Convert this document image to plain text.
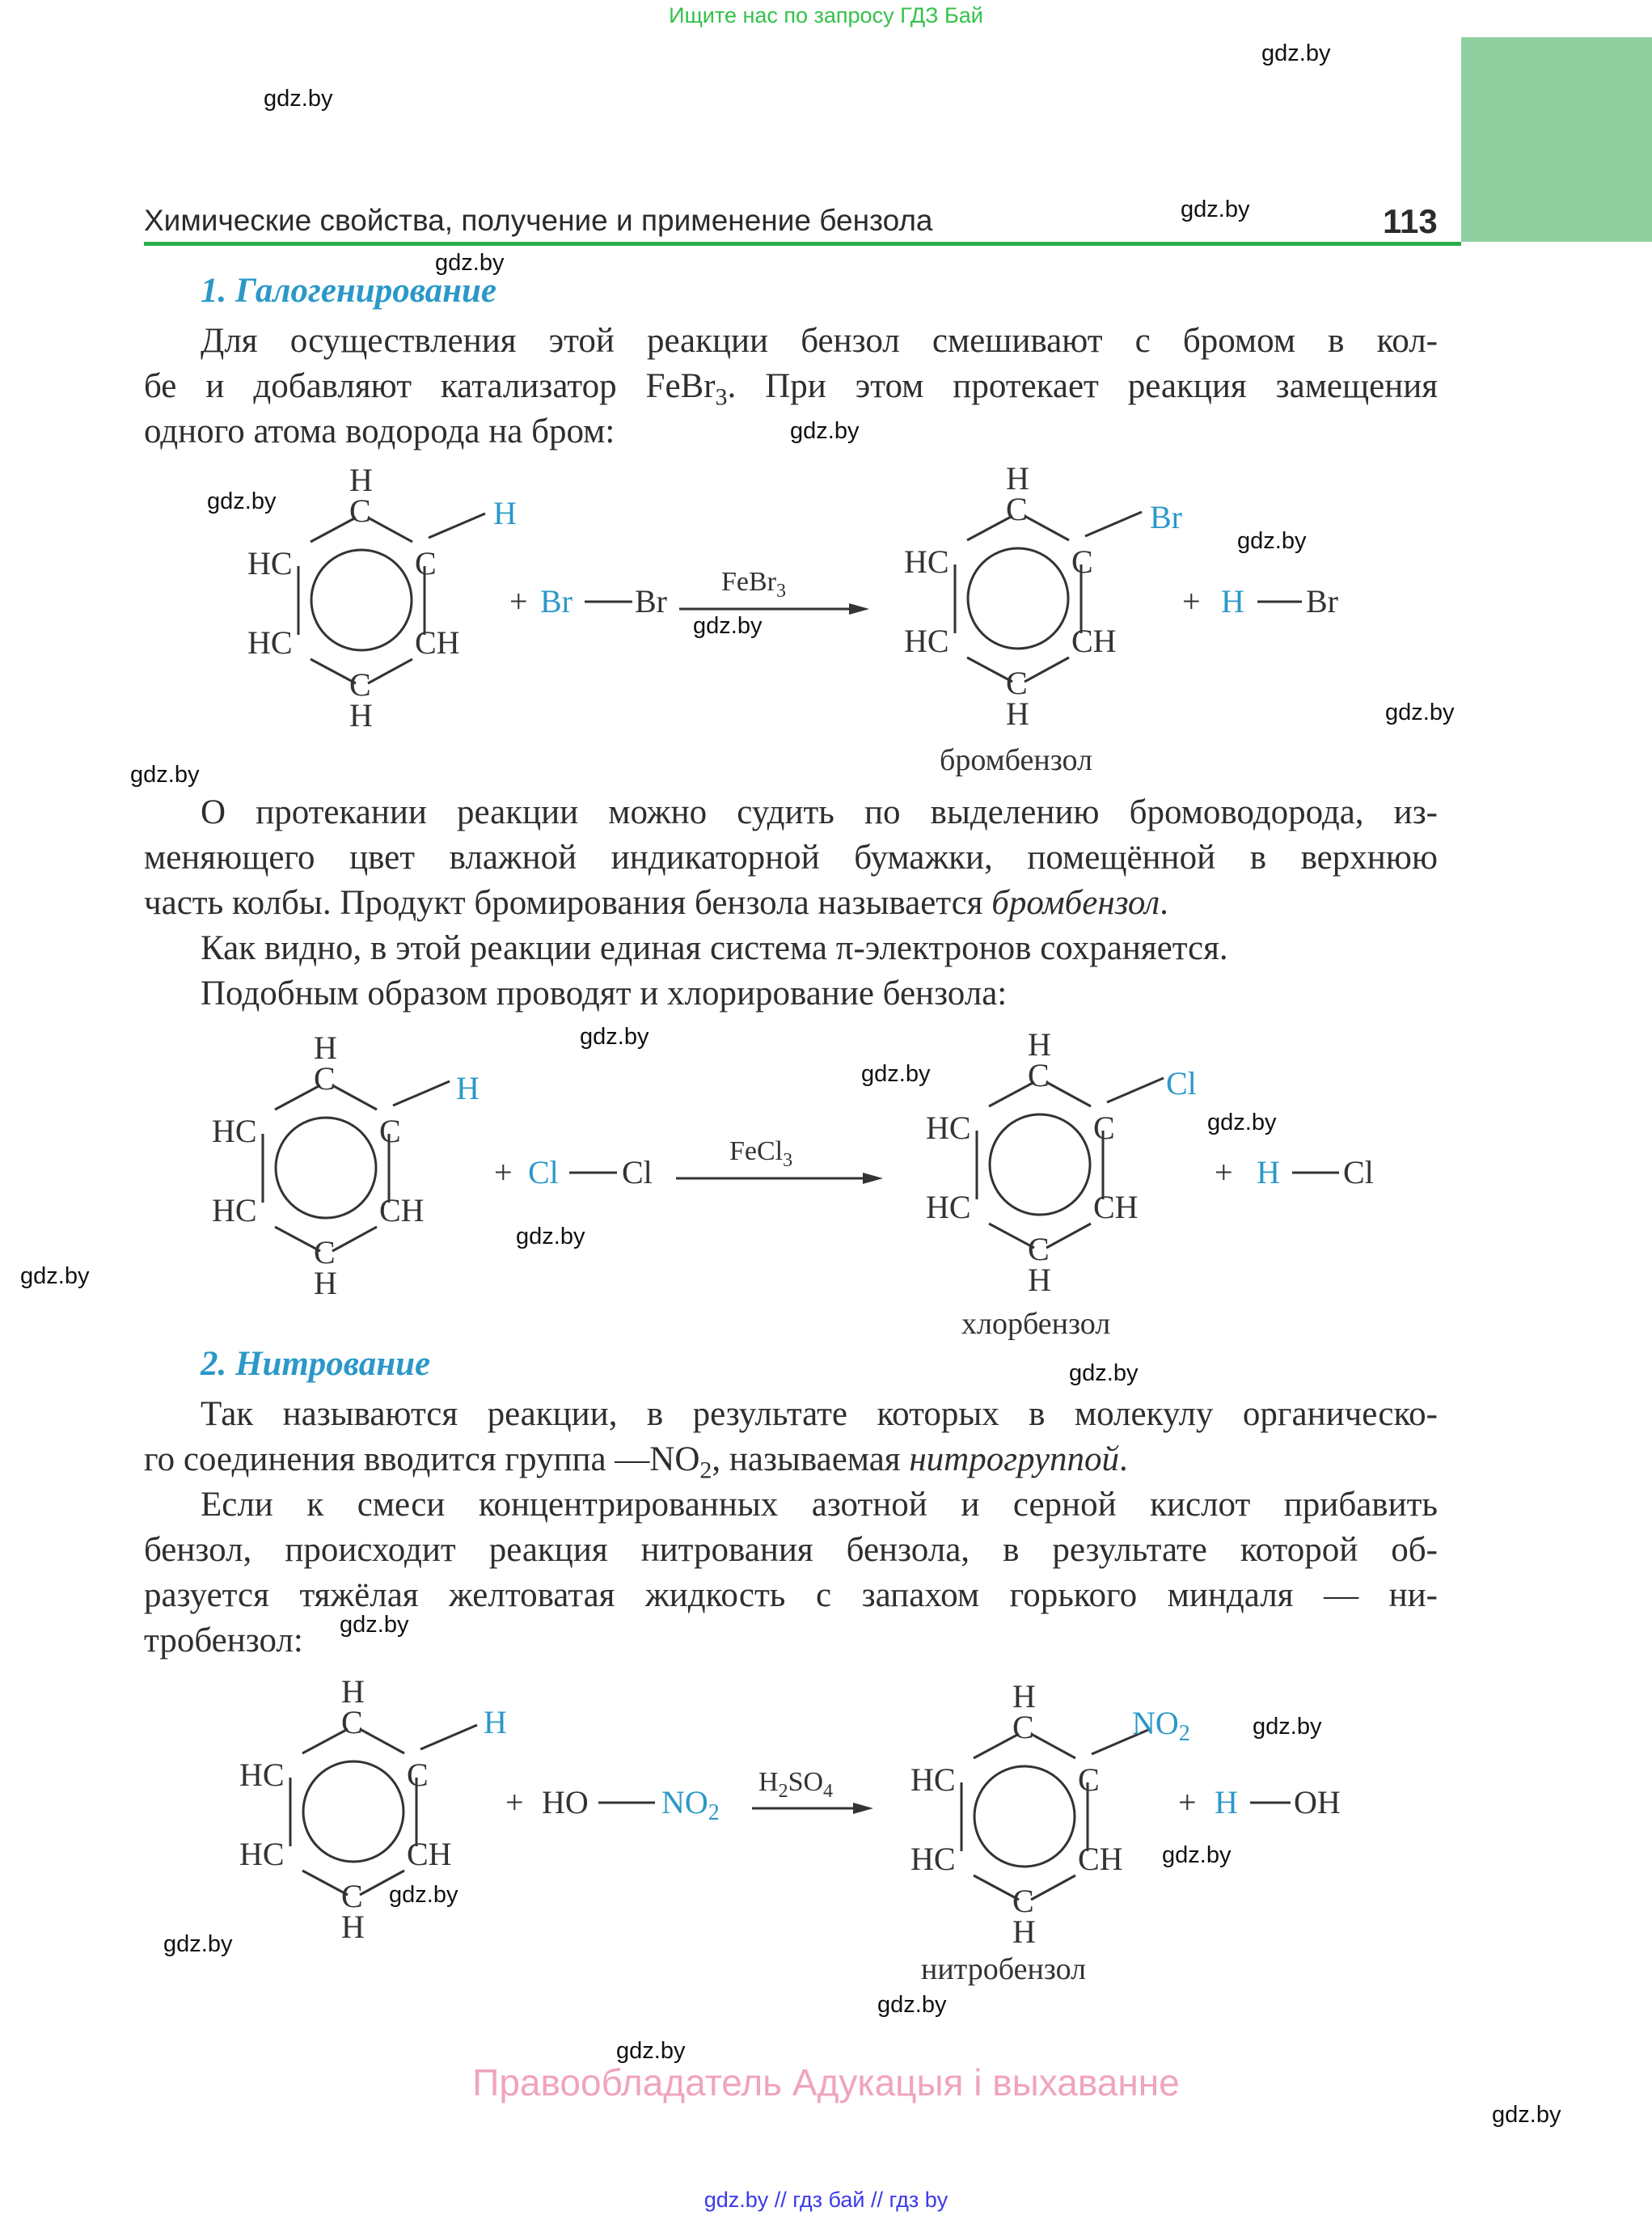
Ищите нас по запросу ГДЗ Бай
Химические свойства, получение и применение бензола	113
gdz.by
gdz.by
gdz.by
gdz.by
gdz.by
gdz.by
gdz.by
gdz.by
gdz.by
gdz.by
gdz.by
gdz.by
gdz.by
gdz.by
gdz.by
gdz.by
gdz.by
gdz.by
gdz.by
gdz.by
gdz.by
gdz.by
gdz.by
gdz.by
1. Галогенирование
Для осуществления этой реакции бензол смешивают с бромом в кол-
бе и добавляют катализатор FeBr$_3$. При этом протекает реакция замещения
одного атома водорода на бром:
H
C
HC	C
HC	CH
C
H
H
+ Br Br
FeBr$_3$
H
C
HC	C
HC	CH
C
H
Br
+ H Br
бромбензол
О протекании реакции можно судить по выделению бромоводорода, из-
меняющего цвет влажной индикаторной бумажки, помещённой в верхнюю
часть колбы. Продукт бромирования бензола называется бромбензол.
Как видно, в этой реакции единая система π-электронов сохраняется.
Подобным образом проводят и хлорирование бензола:
H
C
HC	C
HC	CH
C
H
H
+ Cl Cl
FeCl$_3$
H
C
HC	C
HC	CH
C
H
Cl
+ H Cl
хлорбензол
2. Нитрование
Так называются реакции, в результате которых в молекулу органическо-
го соединения вводится группа $—NO_2$, называемая нитрогруппой.
Если к смеси концентрированных азотной и серной кислот прибавить
бензол, происходит реакция нитрования бензола, в результате которой об-
разуется тяжёлая желтоватая жидкость с запахом горького миндаля — ни-
тробензол:
H
C
HC	C
HC	CH
C
H
H
+ HO $NO_2$
$H_2SO_4$
H
C
HC	C
HC	CH
C
H
$NO_2$
+ H OH
нитробензол
Правообладатель Адукацыя і выхаванне
gdz.by // гдз бай // гдз by
